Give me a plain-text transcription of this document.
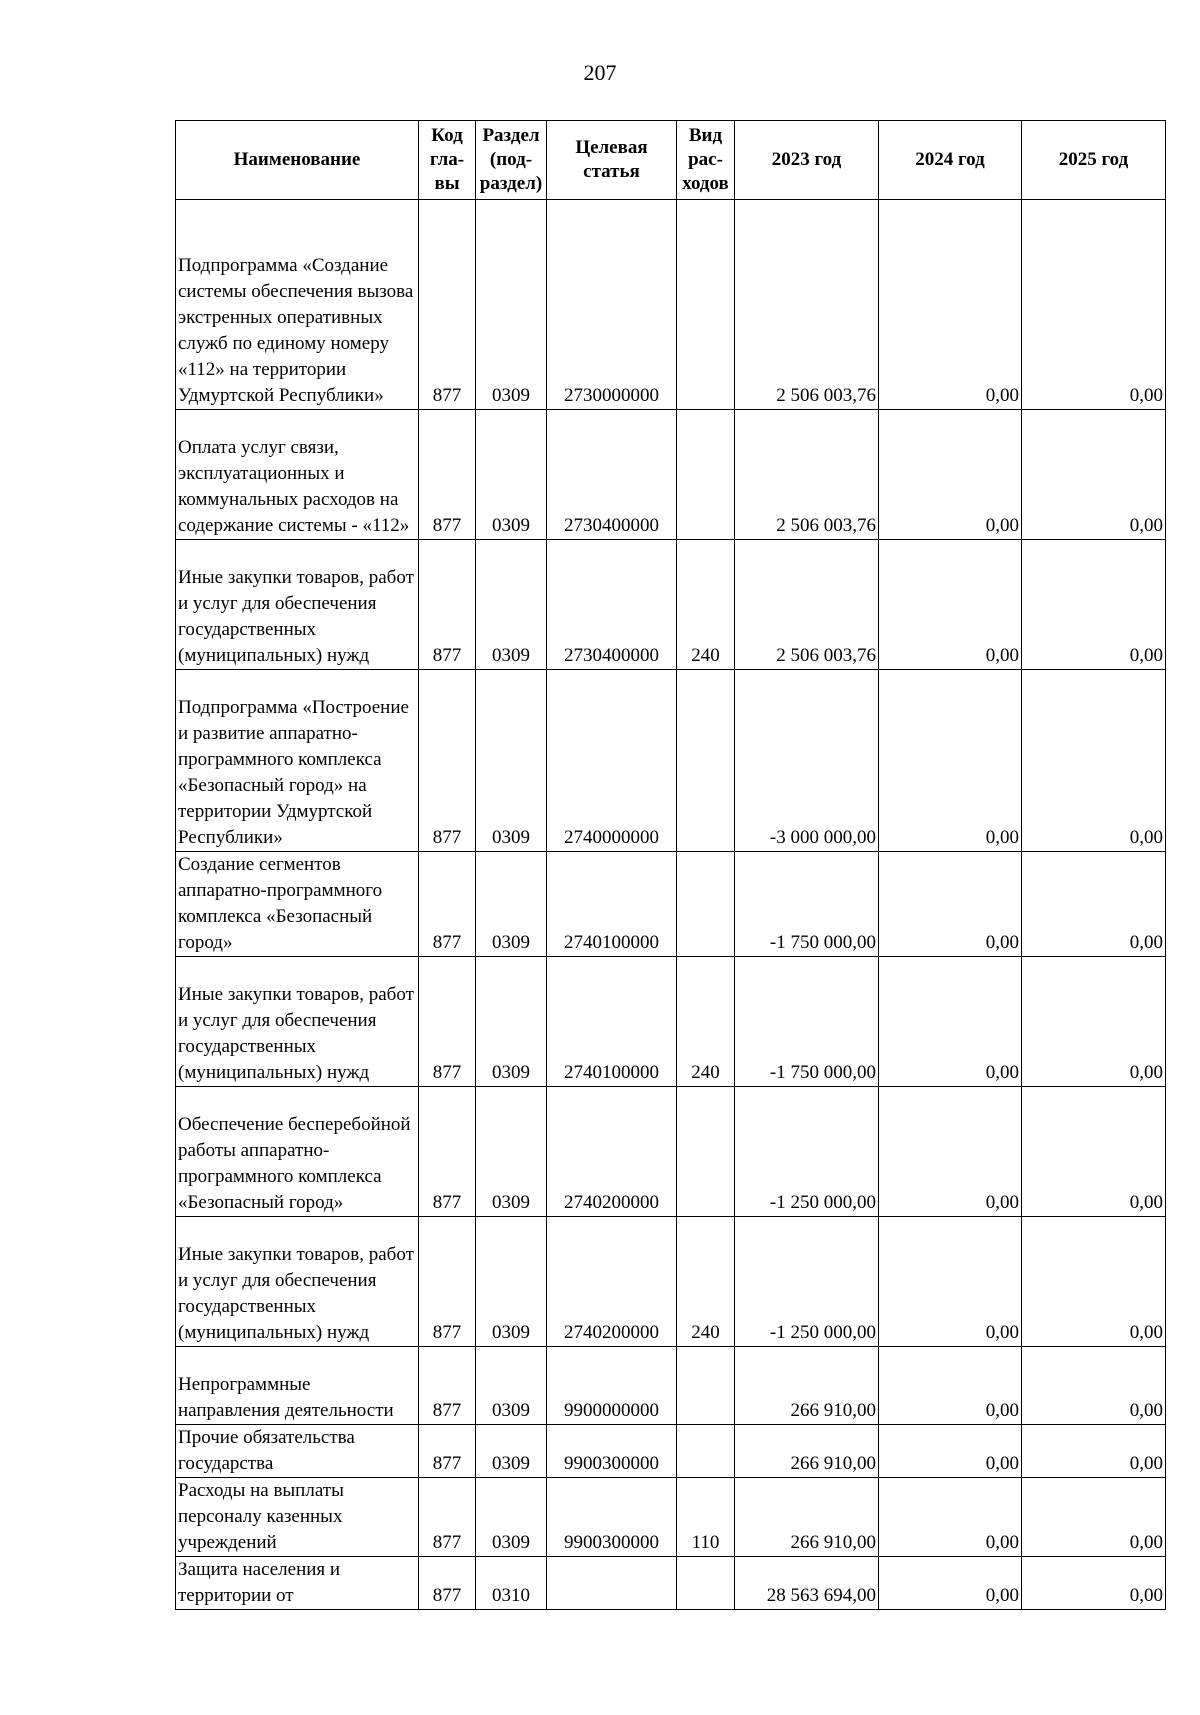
207
Наименование	Код гла- вы	Раздел (под- раздел)	Целевая статья	Вид рас- ходов	2023 год	2024 год	2025 год
Подпрограмма «Создание системы обеспечения вызова экстренных оперативных служб по единому номеру «112» на территории Удмуртской Республики»	877	0309	2730000000		2 506 003,76	0,00	0,00
Оплата услуг связи, эксплуатационных и коммунальных расходов на содержание системы - «112»	877	0309	2730400000		2 506 003,76	0,00	0,00
Иные закупки товаров, работ и услуг для обеспечения государственных (муниципальных) нужд	877	0309	2730400000	240	2 506 003,76	0,00	0,00
Подпрограмма «Построение и развитие аппаратно-программного комплекса «Безопасный город» на территории Удмуртской Республики»	877	0309	2740000000		-3 000 000,00	0,00	0,00
Создание сегментов аппаратно-программного комплекса «Безопасный город»	877	0309	2740100000		-1 750 000,00	0,00	0,00
Иные закупки товаров, работ и услуг для обеспечения государственных (муниципальных) нужд	877	0309	2740100000	240	-1 750 000,00	0,00	0,00
Обеспечение бесперебойной работы аппаратно-программного комплекса «Безопасный город»	877	0309	2740200000		-1 250 000,00	0,00	0,00
Иные закупки товаров, работ и услуг для обеспечения государственных (муниципальных) нужд	877	0309	2740200000	240	-1 250 000,00	0,00	0,00
Непрограммные направления деятельности	877	0309	9900000000		266 910,00	0,00	0,00
Прочие обязательства государства	877	0309	9900300000		266 910,00	0,00	0,00
Расходы на выплаты персоналу казенных учреждений	877	0309	9900300000	110	266 910,00	0,00	0,00
Защита населения и территории от	877	0310			28 563 694,00	0,00	0,00
